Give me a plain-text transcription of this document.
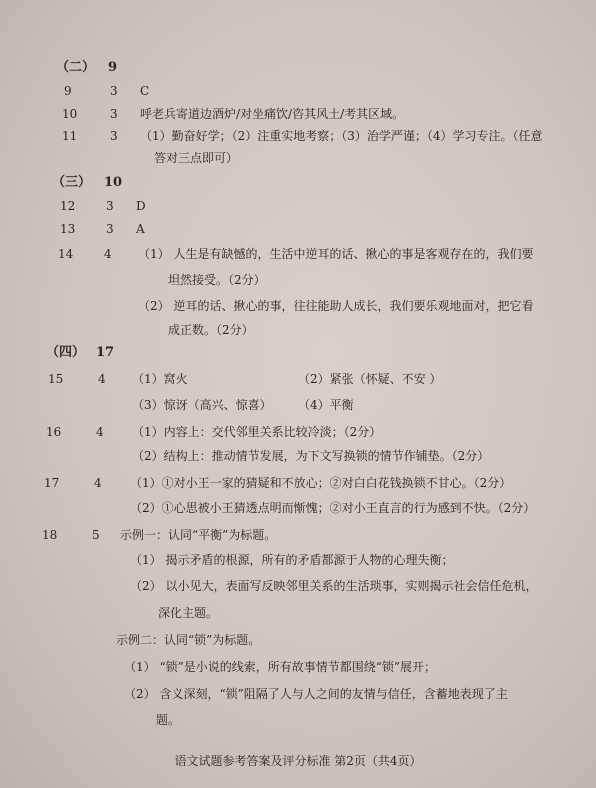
（二） 9
9	3 C
10	3 呼老兵寄道边酒炉/对坐痛饮/咨其风土/考其区域。
11	3 （1）勤奋好学；（2）注重实地考察；（3）治学严谨；（4）学习专注。（任意
答对三点即可）
（三） 10
12	3 D
13	3 A
14	4 （1） 人生是有缺憾的，生活中逆耳的话、揪心的事是客观存在的，我们要
坦然接受。（2分）
（2） 逆耳的话、揪心的事，往往能助人成长，我们要乐观地面对，把它看
成正数。（2分）
（四） 17
15	4 （1）窝火	（2）紧张（怀疑、不安 ）
（3）惊讶（高兴、惊喜） （4）平衡
16	4 （1）内容上：交代邻里关系比较冷淡；（2分）
（2）结构上：推动情节发展，为下文写换锁的情节作铺垫。（2分）
17	4 （1）①对小王一家的猜疑和不放心；②对白白花钱换锁不甘心。（2分）
（2）①心思被小王猜透点明而惭愧；②对小王直言的行为感到不快。（2分）
18	5 示例一：认同“平衡”为标题。
（1） 揭示矛盾的根源，所有的矛盾都源于人物的心理失衡；
（2） 以小见大，表面写反映邻里关系的生活琐事，实则揭示社会信任危机，
深化主题。
示例二：认同“锁”为标题。
（1） “锁”是小说的线索，所有故事情节都围绕“锁”展开；
（2） 含义深刻，“锁”阻隔了人与人之间的友情与信任，含蓄地表现了主
题。
语文试题参考答案及评分标准 第2页（共4页）
